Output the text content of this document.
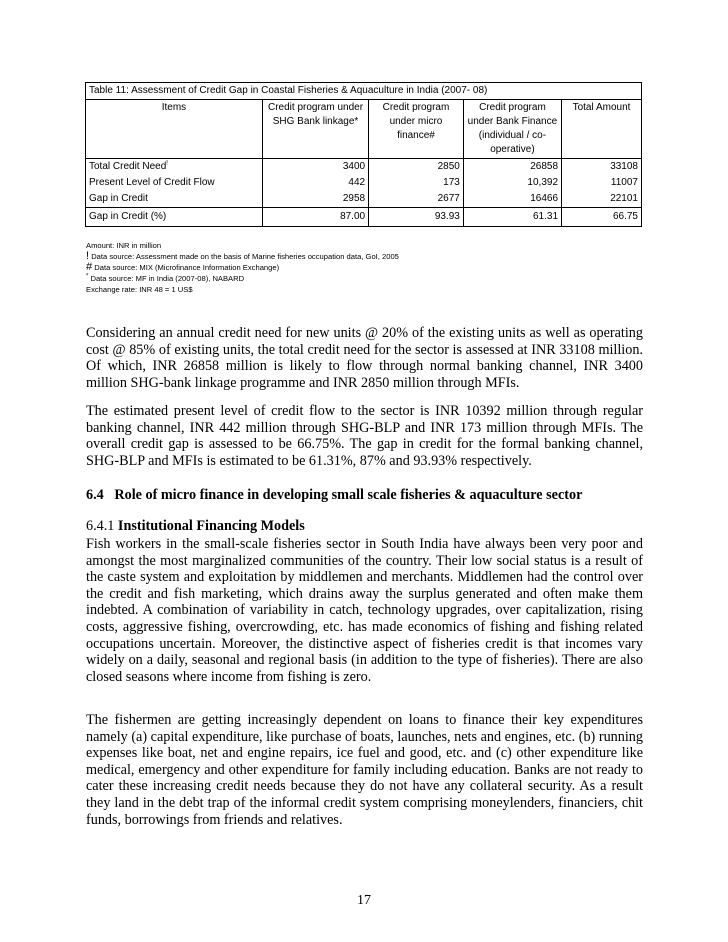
Table 11: Assessment of Credit Gap in Coastal Fisheries & Aquaculture in India (2007- 08)				
Items	Credit program under SHG Bank linkage*	Credit program under micro finance#	Credit program under Bank Finance (individual / co-operative)	Total Amount
Total Credit Need!	3400	2850	26858	33108
Present Level of Credit Flow	442	173	10,392	11007
Gap in Credit	2958	2677	16466	22101
Gap in Credit (%)	87.00	93.93	61.31	66.75
Amount: INR in million
! Data source: Assessment made on the basis of Marine fisheries occupation data, GoI, 2005
# Data source: MIX (Microfinance Information Exchange)
* Data source: MF in India (2007-08), NABARD
Exchange rate: INR 48 = 1 US$

Considering an annual credit need for new units @ 20% of the existing units as well as operating cost @ 85% of existing units, the total credit need for the sector is assessed at INR 33108 million. Of which, INR 26858 million is likely to flow through normal banking channel, INR 3400 million SHG-bank linkage programme and INR 2850 million through MFIs.

The estimated present level of credit flow to the sector is INR 10392 million through regular banking channel, INR 442 million through SHG-BLP and INR 173 million through MFIs. The overall credit gap is assessed to be 66.75%. The gap in credit for the formal banking channel, SHG-BLP and MFIs is estimated to be 61.31%, 87% and 93.93% respectively.

6.4 Role of micro finance in developing small scale fisheries & aquaculture sector

6.4.1 Institutional Financing Models

Fish workers in the small-scale fisheries sector in South India have always been very poor and amongst the most marginalized communities of the country. Their low social status is a result of the caste system and exploitation by middlemen and merchants. Middlemen had the control over the credit and fish marketing, which drains away the surplus generated and often make them indebted. A combination of variability in catch, technology upgrades, over capitalization, rising costs, aggressive fishing, overcrowding, etc. has made economics of fishing and fishing related occupations uncertain. Moreover, the distinctive aspect of fisheries credit is that incomes vary widely on a daily, seasonal and regional basis (in addition to the type of fisheries). There are also closed seasons where income from fishing is zero.

The fishermen are getting increasingly dependent on loans to finance their key expenditures namely (a) capital expenditure, like purchase of boats, launches, nets and engines, etc. (b) running expenses like boat, net and engine repairs, ice fuel and good, etc. and (c) other expenditure like medical, emergency and other expenditure for family including education. Banks are not ready to cater these increasing credit needs because they do not have any collateral security. As a result they land in the debt trap of the informal credit system comprising moneylenders, financiers, chit funds, borrowings from friends and relatives.

17
